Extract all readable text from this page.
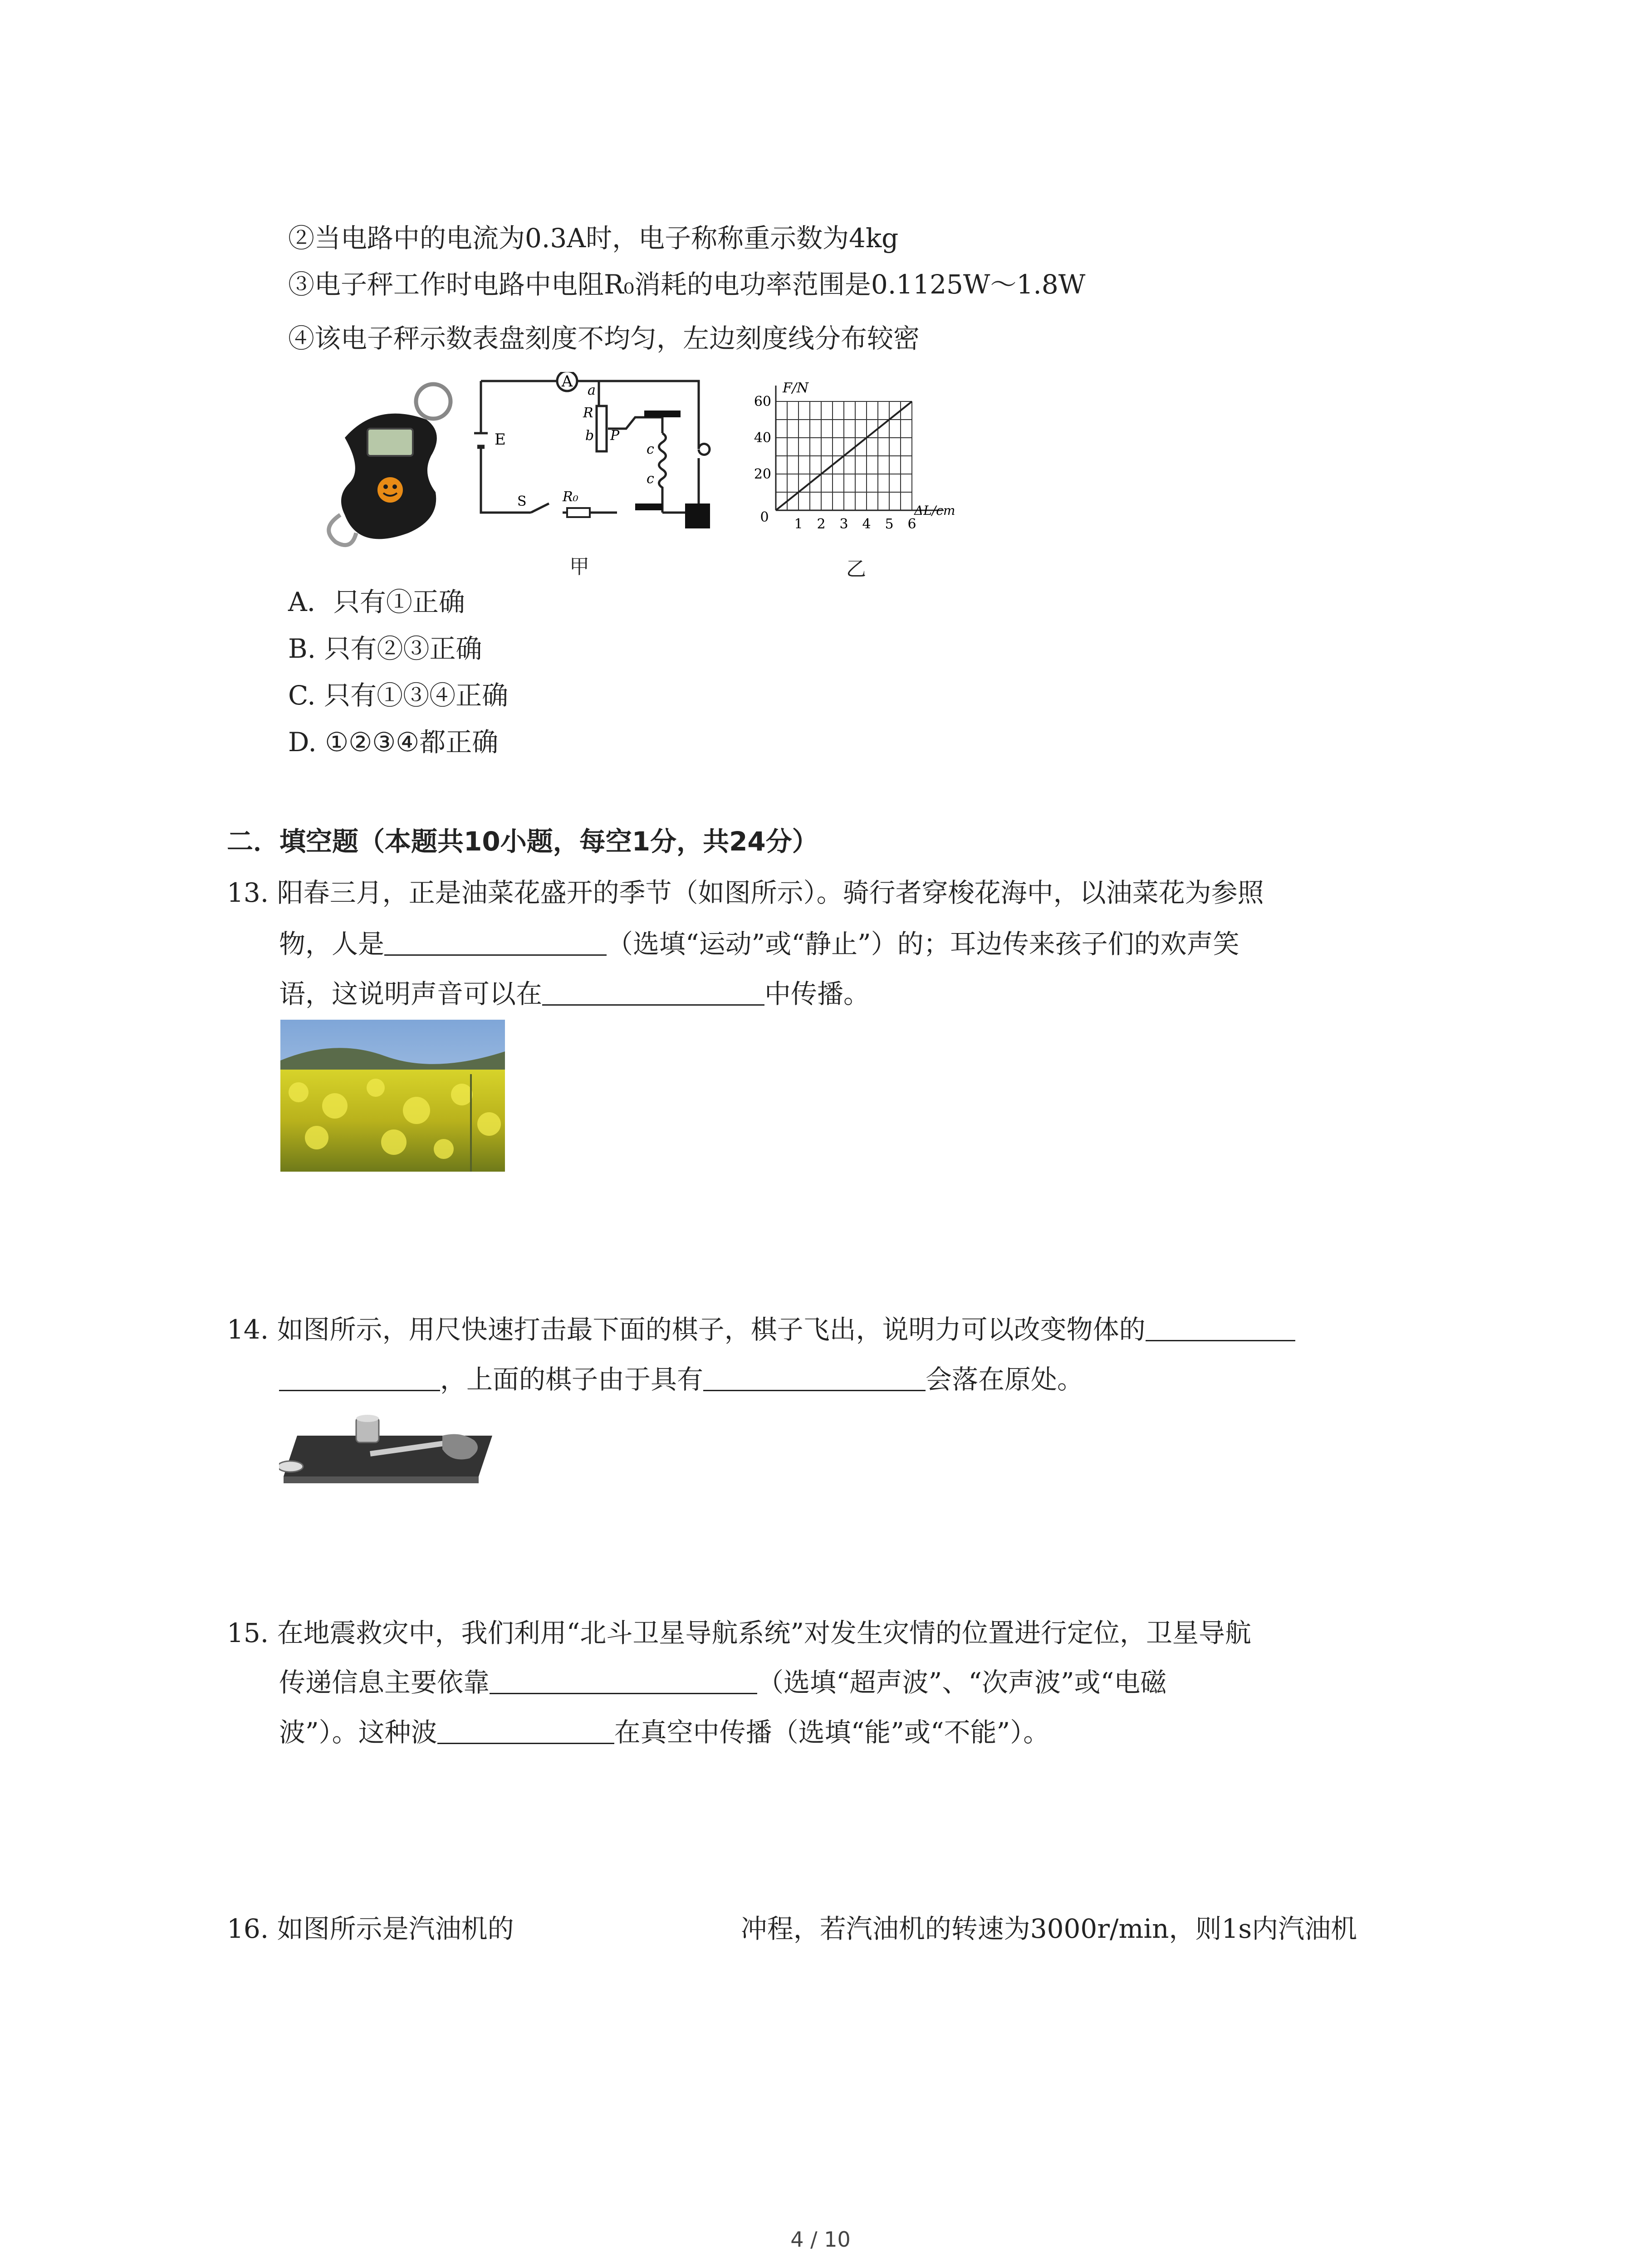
②当电路中的电流为0.3A时，电子称称重示数为4kg
③电子秤工作时电路中电阻R₀消耗的电功率范围是0.1125W～1.8W
④该电子秤示数表盘刻度不均匀，左边刻度线分布较密
A
E
a
R
b P
c
c
S	R₀
甲
0 1 2 3 4 5 6
20
40
60
F/N
ΔL/cm
乙
A．只有①正确
B. 只有②③正确
C. 只有①③④正确
D. ①②③④都正确
二．填空题（本题共10小题，每空1分，共24分）
13. 阳春三月，正是油菜花盛开的季节（如图所示）。骑行者穿梭花海中，以油菜花为参照
物，人是	（选填“运动”或“静止”）的；耳边传来孩子们的欢声笑
语，这说明声音可以在	中传播。
14. 如图所示，用尺快速打击最下面的棋子，棋子飞出，说明力可以改变物体的
，上面的棋子由于具有	会落在原处。
15. 在地震救灾中，我们利用“北斗卫星导航系统”对发生灾情的位置进行定位，卫星导航
传递信息主要依靠	（选填“超声波”、“次声波”或“电磁
波”）。这种波	在真空中传播（选填“能”或“不能”）。
16. 如图所示是汽油机的	冲程，若汽油机的转速为3000r/min，则1s内汽油机
4 / 10
